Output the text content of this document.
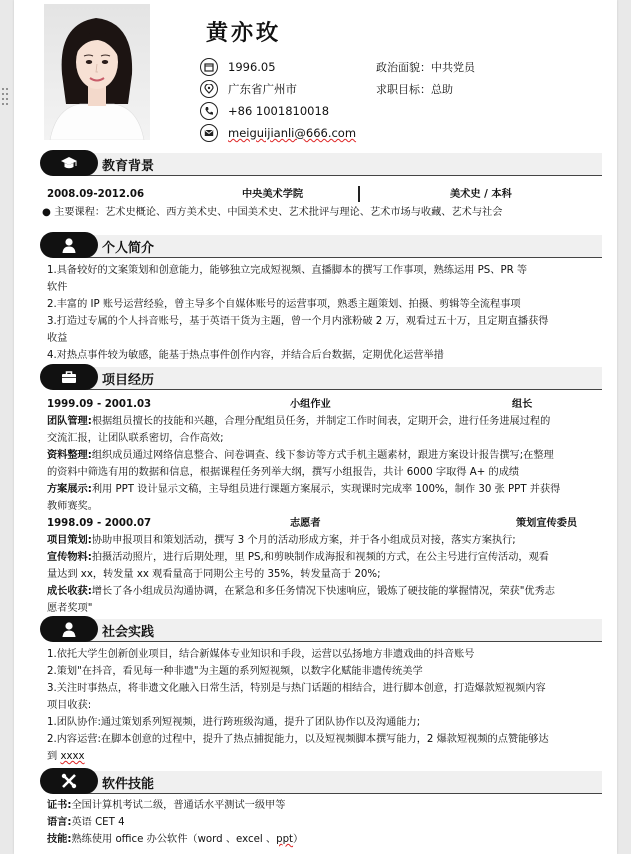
黄亦玫
1996.05	政治面貌：中共党员
广东省广州市	求职目标：总助
+86 1001810018
meiguijianli@666.com
教育背景
2008.09-2012.06	中央美术学院	美术史 / 本科
● 主要课程：艺术史概论、西方美术史、中国美术史、艺术批评与理论、艺术市场与收藏、艺术与社会
个人简介
1.具备较好的文案策划和创意能力，能够独立完成短视频、直播脚本的撰写工作事项，熟练运用 PS、PR 等
软件
2.丰富的 IP 账号运营经验，曾主导多个自媒体账号的运营事项，熟悉主题策划、拍摄、剪辑等全流程事项
3.打造过专属的个人抖音账号，基于英语干货为主题，曾一个月内涨粉破 2 万，观看过五十万，且定期直播获得
收益
4.对热点事件较为敏感，能基于热点事件创作内容，并结合后台数据，定期优化运营举措
项目经历
1999.09 - 2001.03	小组作业	组长
团队管理:根据组员擅长的技能和兴趣，合理分配组员任务，并制定工作时间表，定期开会，进行任务进展过程的
交流汇报，让团队联系密切，合作高效;
资料整理:组织成员通过网络信息整合、问卷调查、线下参访等方式手机主题素材，跟进方案设计报告撰写;在整理
的资料中筛选有用的数据和信息，根据课程任务列举大纲，撰写小组报告，共计 6000 字取得 A+ 的成绩
方案展示:利用 PPT 设计显示文稿，主导组员进行课题方案展示，实现课时完成率 100%，制作 30 张 PPT 并获得
教师赛奖。
1998.09 - 2000.07	志愿者	策划宣传委员
项目策划:协助申报项目和策划活动，撰写 3 个月的活动形成方案，并于各小组成员对接，落实方案执行;
宣传物料:拍摄活动照片，进行后期处理，里 PS,和剪映制作成海报和视频的方式，在公主号进行宣传活动，观看
量达到 xx，转发量 xx 观看量高于同期公主号的 35%，转发量高于 20%;
成长收获:增长了各小组成员沟通协调，在紧急和多任务情况下快速响应，锻炼了硬技能的掌握情况，荣获"优秀志
愿者奖项"
社会实践
1.依托大学生创新创业项目，结合新媒体专业知识和手段，运营以弘扬地方非遗戏曲的抖音账号
2.策划"在抖音，看见每一种非遗"为主题的系列短视频，以数字化赋能非遗传统美学
3.关注时事热点，将非遗文化融入日常生活，特别是与热门话题的相结合，进行脚本创意，打造爆款短视频内容
项目收获:
1.团队协作:通过策划系列短视频，进行跨班级沟通，提升了团队协作以及沟通能力;
2.内容运营:在脚本创意的过程中，提升了热点捕捉能力，以及短视频脚本撰写能力，2 爆款短视频的点赞能够达
到 xxxx
软件技能
证书:全国计算机考试二级，普通话水平测试一级甲等
语言:英语 CET 4
技能:熟练使用 office 办公软件（word 、excel 、ppt）
